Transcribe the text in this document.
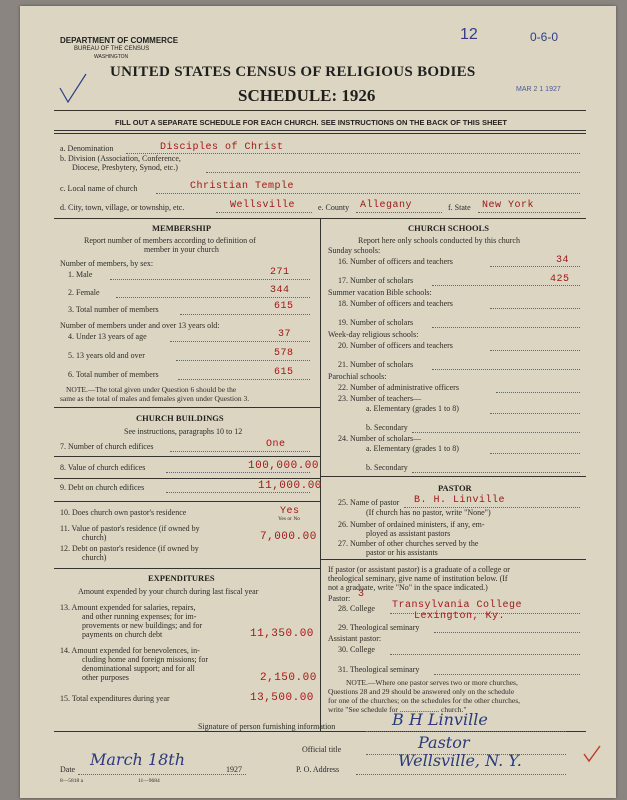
DEPARTMENT OF COMMERCE
BUREAU OF THE CENSUS
WASHINGTON
12	0-6-0
MAR 2 1 1927
UNITED STATES CENSUS OF RELIGIOUS BODIES
SCHEDULE: 1926
FILL OUT A SEPARATE SCHEDULE FOR EACH CHURCH. SEE INSTRUCTIONS ON THE BACK OF THIS SHEET
a. Denomination	Disciples of Christ
b. Division (Association, Conference,
Diocese, Presbytery, Synod, etc.)
c. Local name of church	Christian Temple
d. City, town, village, or township, etc.	Wellsville	e. County Allegany	f. State New York
MEMBERSHIP
Report number of members according to definition of
member in your church
Number of members, by sex:
1. Male	271
2. Female	344
3. Total number of members	615
Number of members under and over 13 years old:
4. Under 13 years of age	37
5. 13 years old and over	578
6. Total number of members	615
NOTE.—The total given under Question 6 should be the
same as the total of males and females given under Question 3.
CHURCH BUILDINGS
See instructions, paragraphs 10 to 12
7. Number of church edifices	One
8. Value of church edifices	100,000.00
9. Debt on church edifices	11,000.00
10. Does church own pastor's residence	Yes
Yes or No
11. Value of pastor's residence (if owned by
church)	7,000.00
12. Debt on pastor's residence (if owned by
church)
EXPENDITURES
Amount expended by your church during last fiscal year
13. Amount expended for salaries, repairs,
and other running expenses; for im-
provements or new buildings; and for
payments on church debt	11,350.00
14. Amount expended for benevolences, in-
cluding home and foreign missions; for
denominational support; and for all
other purposes	2,150.00
15. Total expenditures during year	13,500.00
CHURCH SCHOOLS
Report here only schools conducted by this church
Sunday schools:
16. Number of officers and teachers	34
17. Number of scholars	425
Summer vacation Bible schools:
18. Number of officers and teachers
19. Number of scholars
Week-day religious schools:
20. Number of officers and teachers
21. Number of scholars
Parochial schools:
22. Number of administrative officers
23. Number of teachers—
a. Elementary (grades 1 to 8)
b. Secondary
24. Number of scholars—
a. Elementary (grades 1 to 8)
b. Secondary
PASTOR
25. Name of pastor B. H. Linville
(If church has no pastor, write "None")
26. Number of ordained ministers, if any, em-
ployed as assistant pastors
27. Number of other churches served by the
pastor or his assistants
If pastor (or assistant pastor) is a graduate of a college or
theological seminary, give name of institution below. (If
not a graduate, write "No" in the space indicated.)
Pastor: 3
28. College Transylvania College
Lexington, Ky.
29. Theological seminary
Assistant pastor:
30. College
31. Theological seminary
NOTE.—Where one pastor serves two or more churches,
Questions 28 and 29 should be answered only on the schedule
for one of the churches; on the schedules for the other churches,
write "See schedule for ..................... church."
Signature of person furnishing information	B H Linville
Official title	Pastor
Date
March 18th
1927	P. O. Address	Wellsville, N. Y.
8—5818 a	11—9684
